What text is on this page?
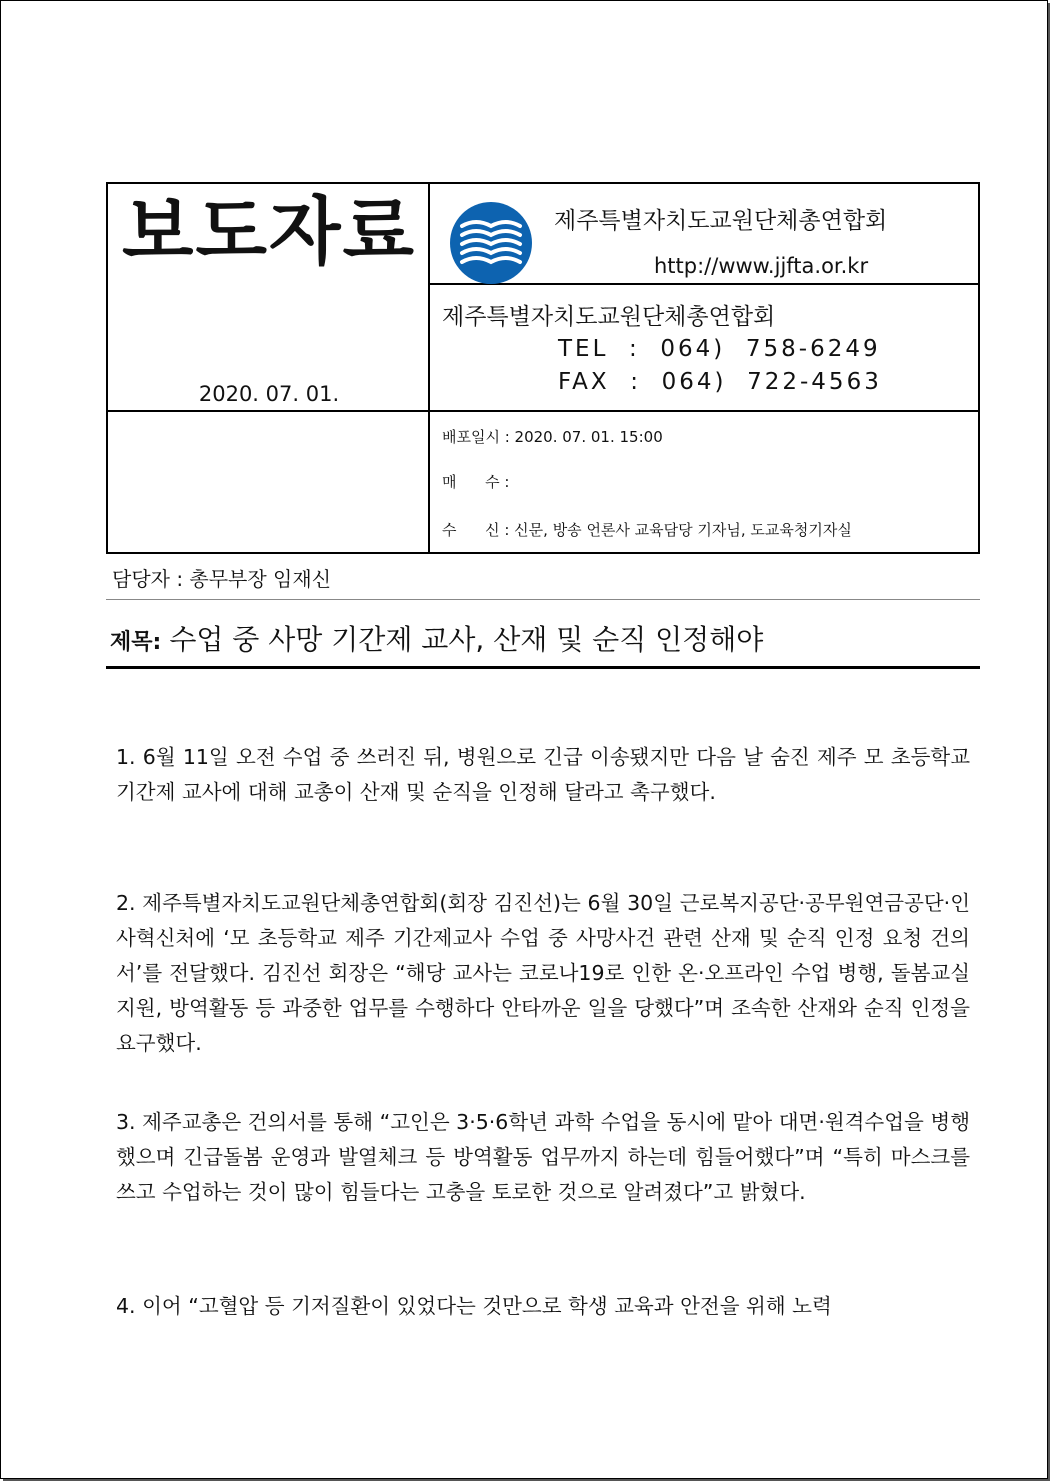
보도자료
2020. 07. 01.
제주특별자치도교원단체총연합회
http://www.jjfta.or.kr
제주특별자치도교원단체총연합회
TEL  :  064)  758-6249
FAX  :  064)  722-4563
배포일시 : 2020. 07. 01. 15:00
매      수 :
수      신 : 신문, 방송 언론사 교육담당 기자님, 도교육청기자실
담당자 : 총무부장 임재신
제목: 수업 중 사망 기간제 교사, 산재 및 순직 인정해야
1. 6월 11일 오전 수업 중 쓰러진 뒤, 병원으로 긴급 이송됐지만 다음 날 숨진 제주 모 초등학교 기간제 교사에 대해 교총이 산재 및 순직을 인정해 달라고 촉구했다.
2. 제주특별자치도교원단체총연합회(회장 김진선)는 6월 30일 근로복지공단·공무원연금공단·인사혁신처에 ‘모 초등학교 제주 기간제교사 수업 중 사망사건 관련 산재 및 순직 인정 요청 건의서’를 전달했다. 김진선 회장은 “해당 교사는 코로나19로 인한 온·오프라인 수업 병행, 돌봄교실 지원, 방역활동 등 과중한 업무를 수행하다 안타까운 일을 당했다”며 조속한 산재와 순직 인정을 요구했다.
3. 제주교총은 건의서를 통해 “고인은 3·5·6학년 과학 수업을 동시에 맡아 대면·원격수업을 병행했으며 긴급돌봄 운영과 발열체크 등 방역활동 업무까지 하는데 힘들어했다”며 “특히 마스크를 쓰고 수업하는 것이 많이 힘들다는 고충을 토로한 것으로 알려졌다”고 밝혔다.
4. 이어 “고혈압 등 기저질환이 있었다는 것만으로 학생 교육과 안전을 위해 노력
